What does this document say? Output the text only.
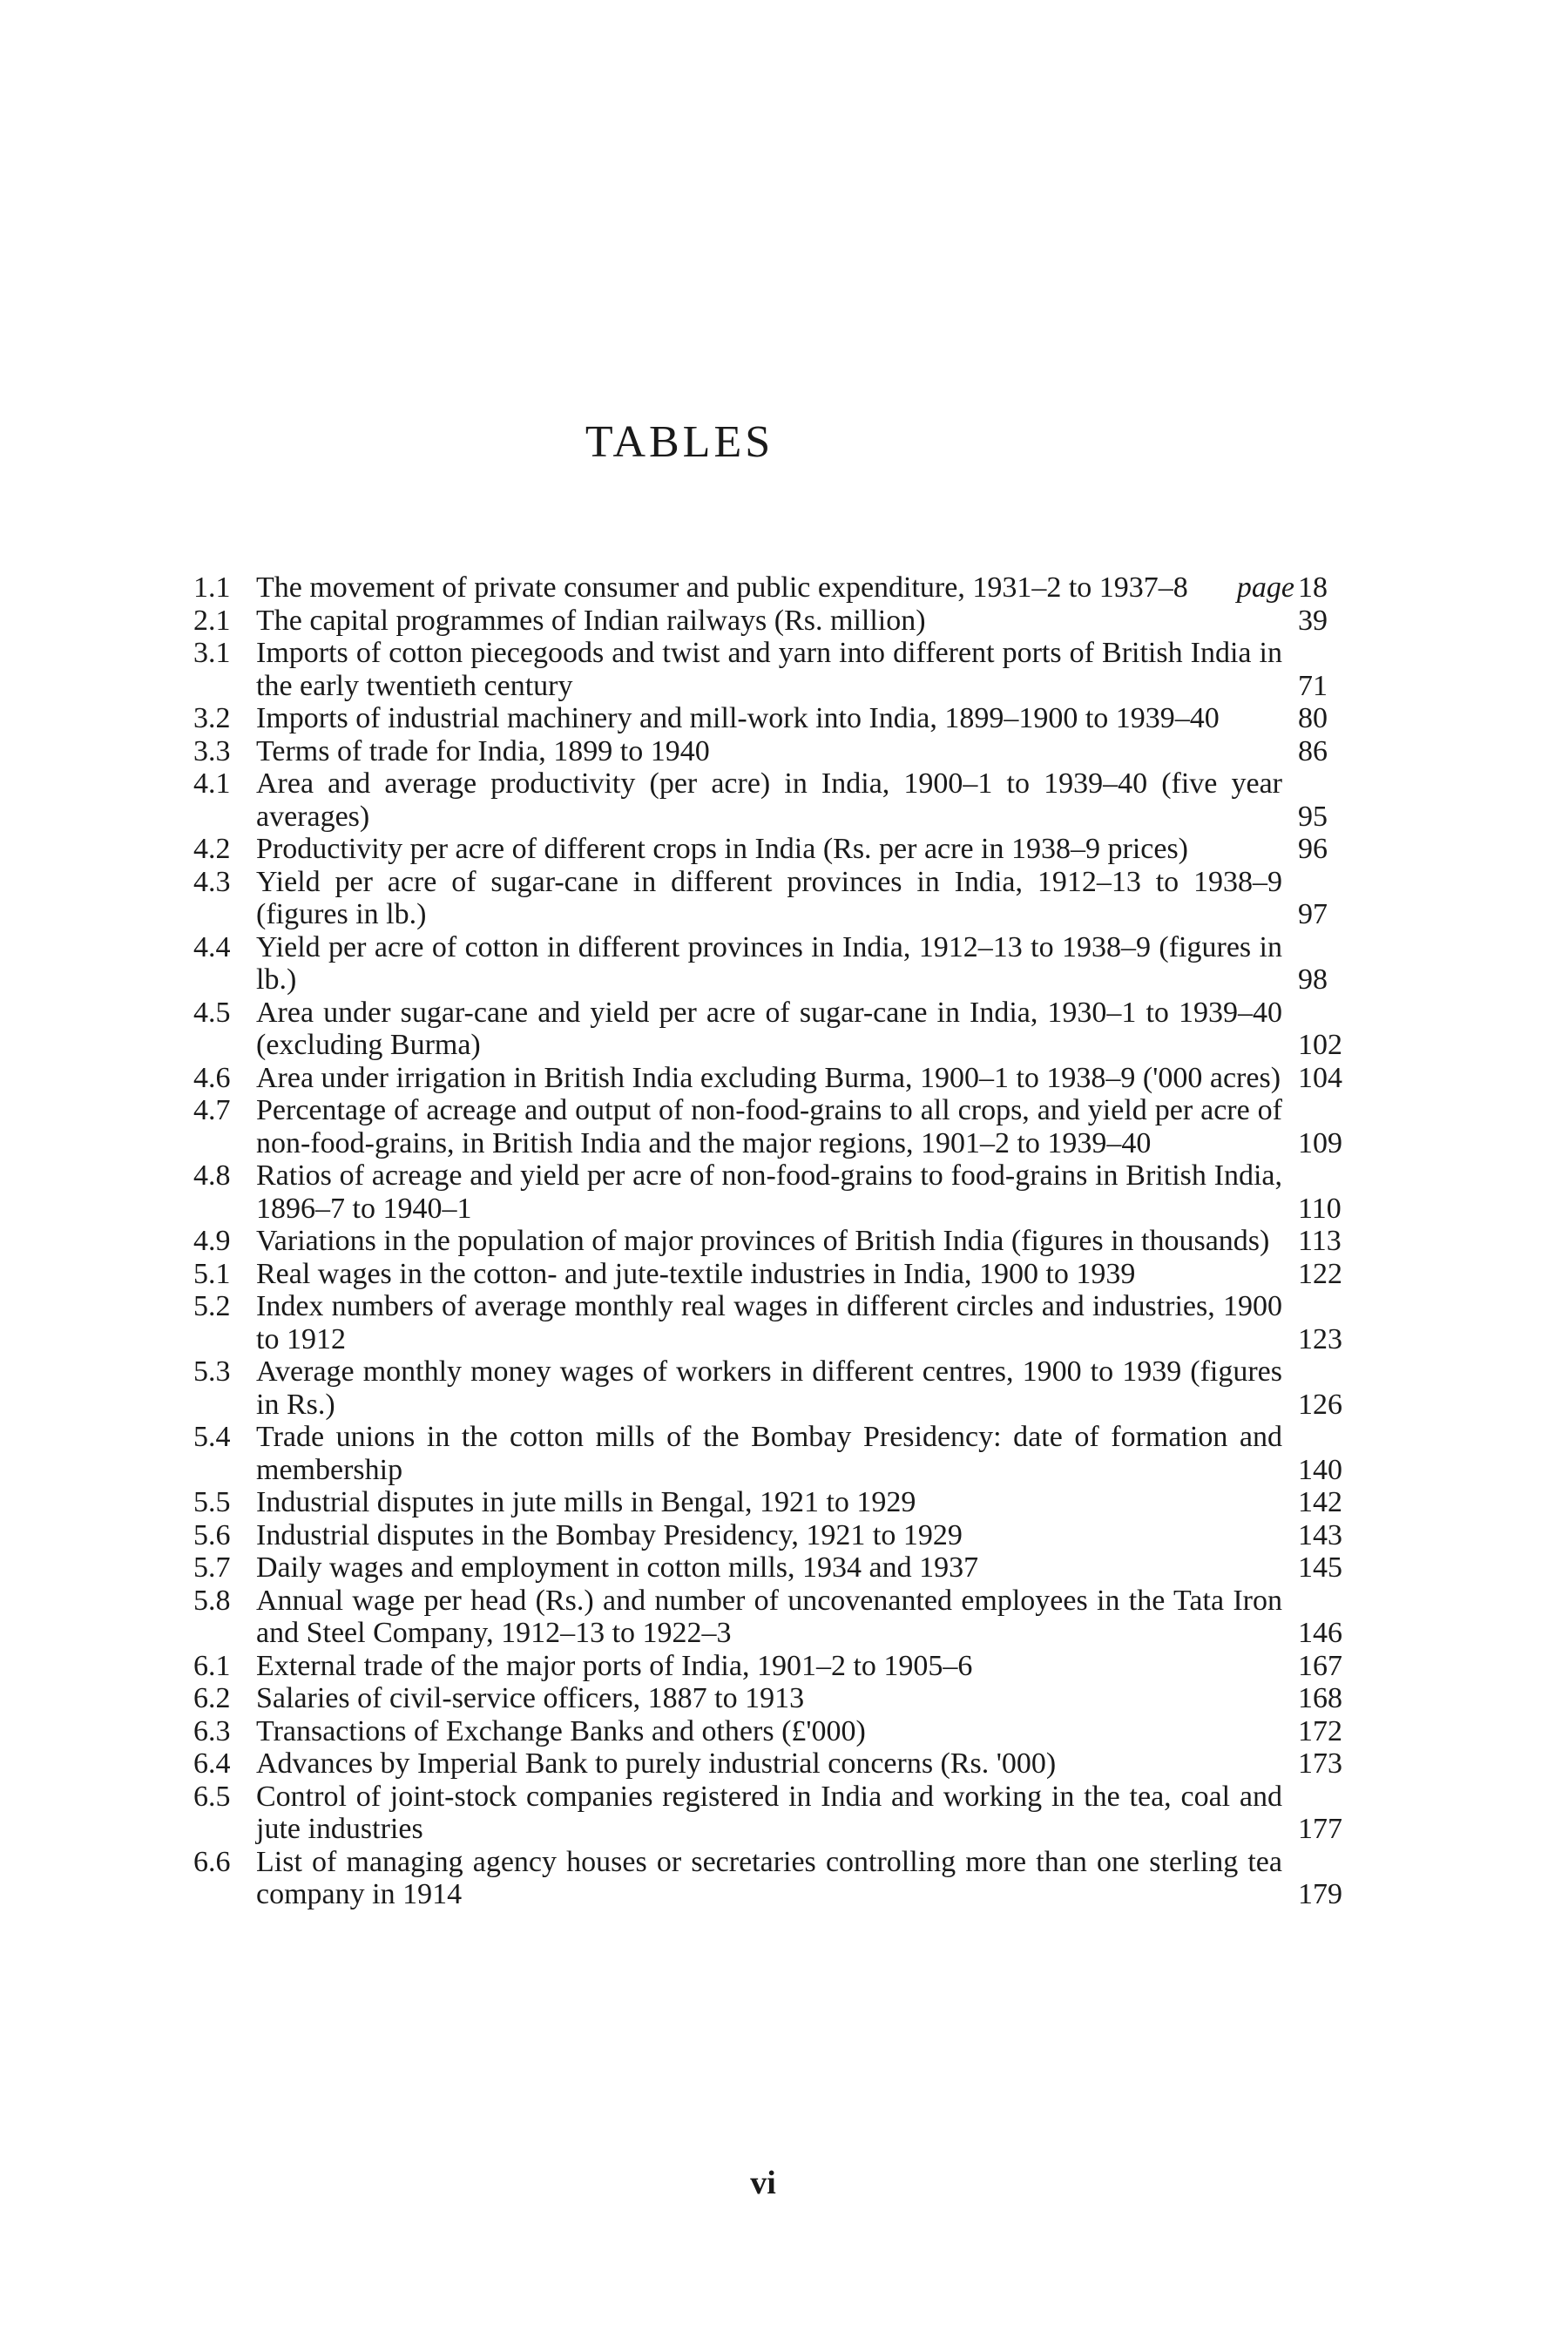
TABLES
1.1 The movement of private consumer and public expenditure, 1931–2 to 1937–8	page 18
2.1 The capital programmes of Indian railways (Rs. million)	39
3.1 Imports of cotton piecegoods and twist and yarn into different ports of British India in the early twentieth century	71
3.2 Imports of industrial machinery and mill-work into India, 1899–1900 to 1939–40	80
3.3 Terms of trade for India, 1899 to 1940	86
4.1 Area and average productivity (per acre) in India, 1900–1 to 1939–40 (five year averages)	95
4.2 Productivity per acre of different crops in India (Rs. per acre in 1938–9 prices)	96
4.3 Yield per acre of sugar-cane in different provinces in India, 1912–13 to 1938–9 (figures in lb.)	97
4.4 Yield per acre of cotton in different provinces in India, 1912–13 to 1938–9 (figures in lb.)	98
4.5 Area under sugar-cane and yield per acre of sugar-cane in India, 1930–1 to 1939–40 (excluding Burma)	102
4.6 Area under irrigation in British India excluding Burma, 1900–1 to 1938–9 ('000 acres) 104
4.7 Percentage of acreage and output of non-food-grains to all crops, and yield per acre of non-food-grains, in British India and the major regions, 1901–2 to 1939–40	109
4.8 Ratios of acreage and yield per acre of non-food-grains to food-grains in British India, 1896–7 to 1940–1	110
4.9 Variations in the population of major provinces of British India (figures in thousands) 113
5.1 Real wages in the cotton- and jute-textile industries in India, 1900 to 1939	122
5.2 Index numbers of average monthly real wages in different circles and industries, 1900 to 1912	123
5.3 Average monthly money wages of workers in different centres, 1900 to 1939 (figures in Rs.)	126
5.4 Trade unions in the cotton mills of the Bombay Presidency: date of formation and membership	140
5.5 Industrial disputes in jute mills in Bengal, 1921 to 1929	142
5.6 Industrial disputes in the Bombay Presidency, 1921 to 1929	143
5.7 Daily wages and employment in cotton mills, 1934 and 1937	145
5.8 Annual wage per head (Rs.) and number of uncovenanted employees in the Tata Iron and Steel Company, 1912–13 to 1922–3	146
6.1 External trade of the major ports of India, 1901–2 to 1905–6	167
6.2 Salaries of civil-service officers, 1887 to 1913	168
6.3 Transactions of Exchange Banks and others (£'000)	172
6.4 Advances by Imperial Bank to purely industrial concerns (Rs. '000)	173
6.5 Control of joint-stock companies registered in India and working in the tea, coal and jute industries	177
6.6 List of managing agency houses or secretaries controlling more than one sterling tea company in 1914	179
vi
